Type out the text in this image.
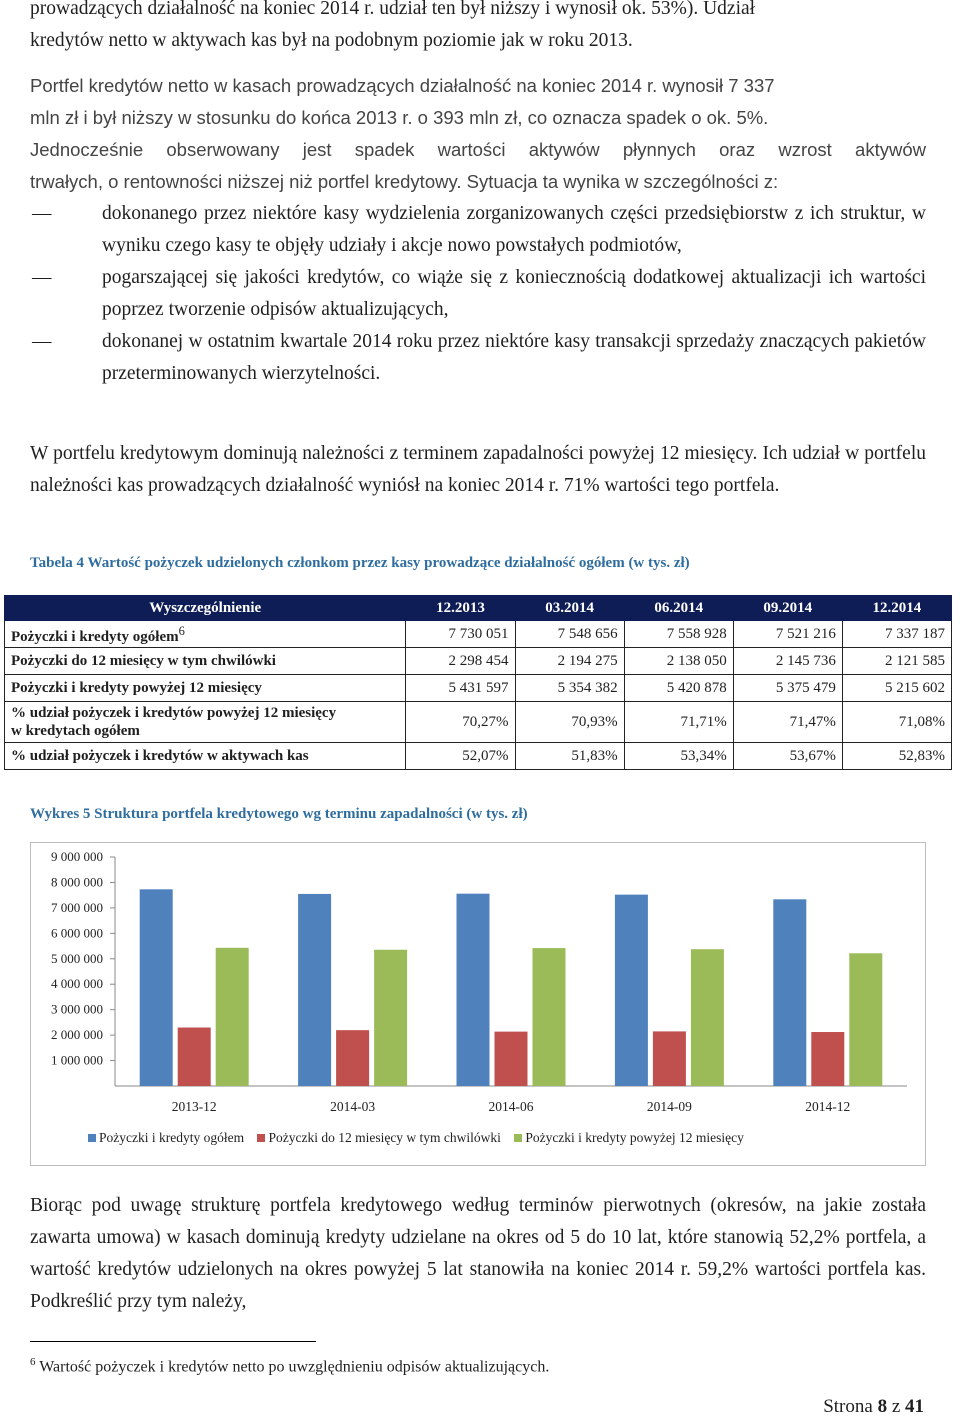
prowadzących działalność na koniec 2014 r. udział ten był niższy i wynosił ok. 53%). Udział

kredytów netto w aktywach kas był na podobnym poziomie jak w roku 2013.

Portfel kredytów netto w kasach prowadzących działalność na koniec 2014 r. wynosił 7 337

mln zł i był niższy w stosunku do końca 2013 r. o 393 mln zł, co oznacza spadek o ok. 5%.

Jednocześnie obserwowany jest spadek wartości aktywów płynnych oraz wzrost aktywów

trwałych, o rentowności niższej niż portfel kredytowy. Sytuacja ta wynika w szczególności z:

—	dokonanego przez niektóre kasy wydzielenia zorganizowanych części przedsiębiorstw z ich struktur, w wyniku czego kasy te objęły udziały i akcje nowo powstałych podmiotów,
—	pogarszającej się jakości kredytów, co wiąże się z koniecznością dodatkowej aktualizacji ich wartości poprzez tworzenie odpisów aktualizujących,
—	dokonanej w ostatnim kwartale 2014 roku przez niektóre kasy transakcji sprzedaży znaczących pakietów przeterminowanych wierzytelności.

W portfelu kredytowym dominują należności z terminem zapadalności powyżej 12 miesięcy. Ich udział w portfelu należności kas prowadzących działalność wyniósł na koniec 2014 r. 71% wartości tego portfela.

Tabela 4 Wartość pożyczek udzielonych członkom przez kasy prowadzące działalność ogółem (w tys. zł)

Wykres 5 Struktura portfela kredytowego wg terminu zapadalności (w tys. zł)

Biorąc pod uwagę strukturę portfela kredytowego według terminów pierwotnych (okresów, na jakie została zawarta umowa) w kasach dominują kredyty udzielane na okres od 5 do 10 lat, które stanowią 52,2% portfela, a wartość kredytów udzielonych na okres powyżej 5 lat stanowiła na koniec 2014 r. 59,2% wartości portfela kas. Podkreślić przy tym należy,

Wyszczególnienie	12.2013	03.2014	06.2014	09.2014	12.2014
Pożyczki i kredyty ogółem$^6$	7 730 051	7 548 656	7 558 928	7 521 216	7 337 187
Pożyczki do 12 miesięcy w tym chwilówki	2 298 454	2 194 275	2 138 050	2 145 736	2 121 585
Pożyczki i kredyty powyżej 12 miesięcy	5 431 597	5 354 382	5 420 878	5 375 479	5 215 602
% udział pożyczek i kredytów powyżej 12 miesięcy
w kredytach ogółem	70,27%	70,93%	71,71%	71,47%	71,08%
% udział pożyczek i kredytów w aktywach kas	52,07%	51,83%	53,34%	53,67%	52,83%
1 000 000
2 000 000
3 000 000
4 000 000
5 000 000
6 000 000
7 000 000
8 000 000
9 000 000
2013-12	2014-03	2014-06	2014-09	2014-12
Pożyczki i kredyty ogółem Pożyczki do 12 miesięcy w tym chwilówki Pożyczki i kredyty powyżej 12 miesięcy
$^6$ Wartość pożyczek i kredytów netto po uwzględnieniu odpisów aktualizujących.
Strona 8 z 41
